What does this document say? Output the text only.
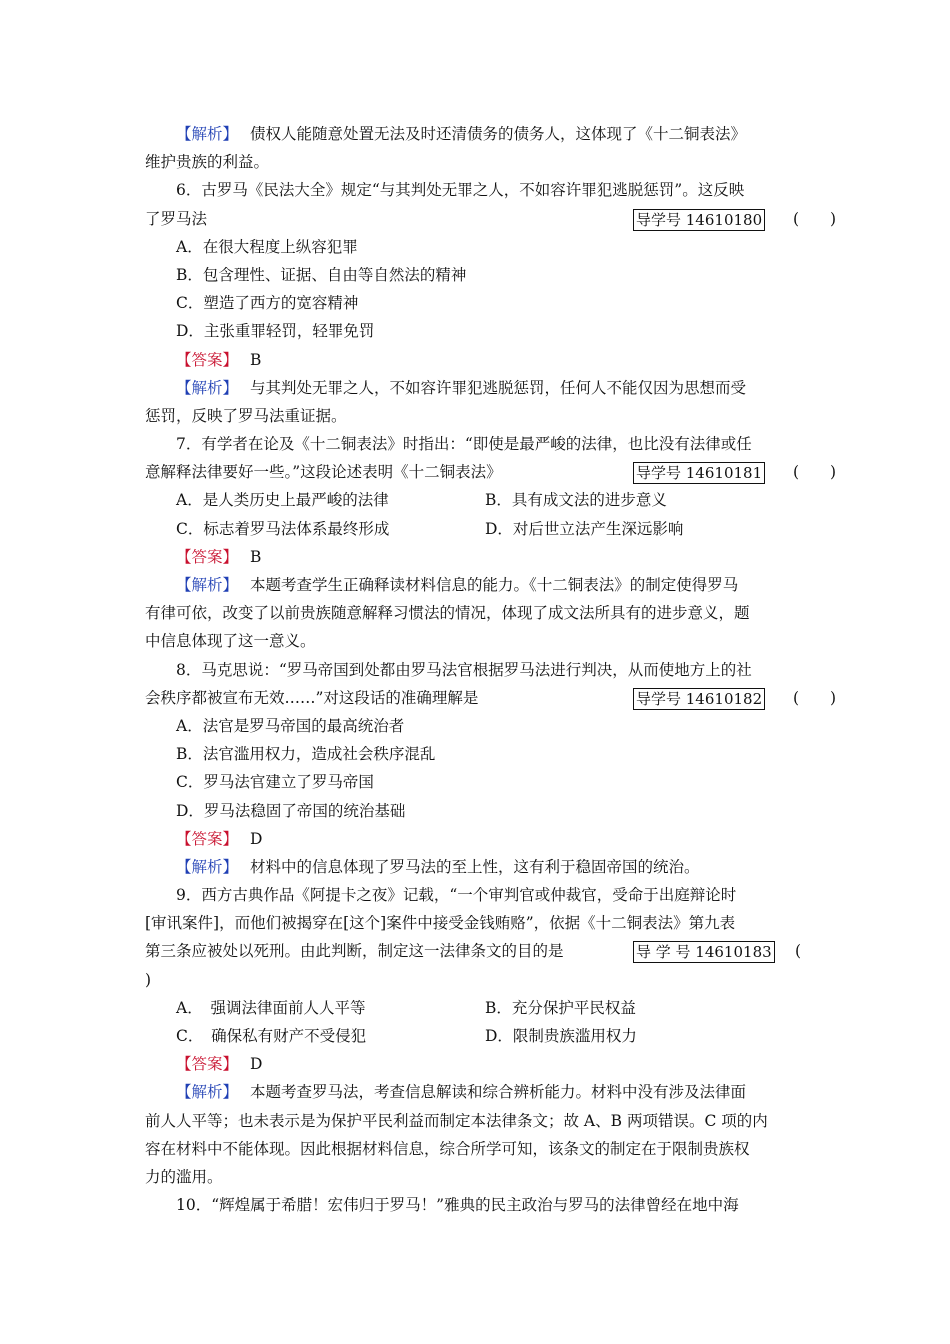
【解析】 债权人能随意处置无法及时还清债务的债务人，这体现了《十二铜表法》
维护贵族的利益。
6．古罗马《民法大全》规定“与其判处无罪之人，不如容许罪犯逃脱惩罚”。这反映
了罗马法	导学号 14610180 (　　)
A．在很大程度上纵容犯罪
B．包含理性、证据、自由等自然法的精神
C．塑造了西方的宽容精神
D．主张重罪轻罚，轻罪免罚
【答案】 B
【解析】 与其判处无罪之人，不如容许罪犯逃脱惩罚，任何人不能仅因为思想而受
惩罚，反映了罗马法重证据。
7．有学者在论及《十二铜表法》时指出：“即使是最严峻的法律，也比没有法律或任
意解释法律要好一些。”这段论述表明《十二铜表法》	导学号 14610181 (　　)
A．是人类历史上最严峻的法律	B．具有成文法的进步意义
C．标志着罗马法体系最终形成	D．对后世立法产生深远影响
【答案】 B
【解析】 本题考查学生正确释读材料信息的能力。《十二铜表法》的制定使得罗马
有律可依，改变了以前贵族随意解释习惯法的情况，体现了成文法所具有的进步意义，题
中信息体现了这一意义。
8．马克思说：“罗马帝国到处都由罗马法官根据罗马法进行判决，从而使地方上的社
会秩序都被宣布无效……”对这段话的准确理解是	导学号 14610182 (　　)
A．法官是罗马帝国的最高统治者
B．法官滥用权力，造成社会秩序混乱
C．罗马法官建立了罗马帝国
D．罗马法稳固了帝国的统治基础
【答案】 D
【解析】 材料中的信息体现了罗马法的至上性，这有利于稳固帝国的统治。
9．西方古典作品《阿提卡之夜》记载，“一个审判官或仲裁官，受命于出庭辩论时
[审讯案件]，而他们被揭穿在[这个]案件中接受金钱贿赂”，依据《十二铜表法》第九表
第三条应被处以死刑。由此判断，制定这一法律条文的目的是	导 学 号 14610183 (
)
A．　强调法律面前人人平等	B．充分保护平民权益
C．　确保私有财产不受侵犯	D．限制贵族滥用权力
【答案】 D
【解析】 本题考查罗马法，考查信息解读和综合辨析能力。材料中没有涉及法律面
前人人平等；也未表示是为保护平民利益而制定本法律条文；故 A、B 两项错误。C 项的内
容在材料中不能体现。因此根据材料信息，综合所学可知，该条文的制定在于限制贵族权
力的滥用。
10．“辉煌属于希腊！宏伟归于罗马！”雅典的民主政治与罗马的法律曾经在地中海
